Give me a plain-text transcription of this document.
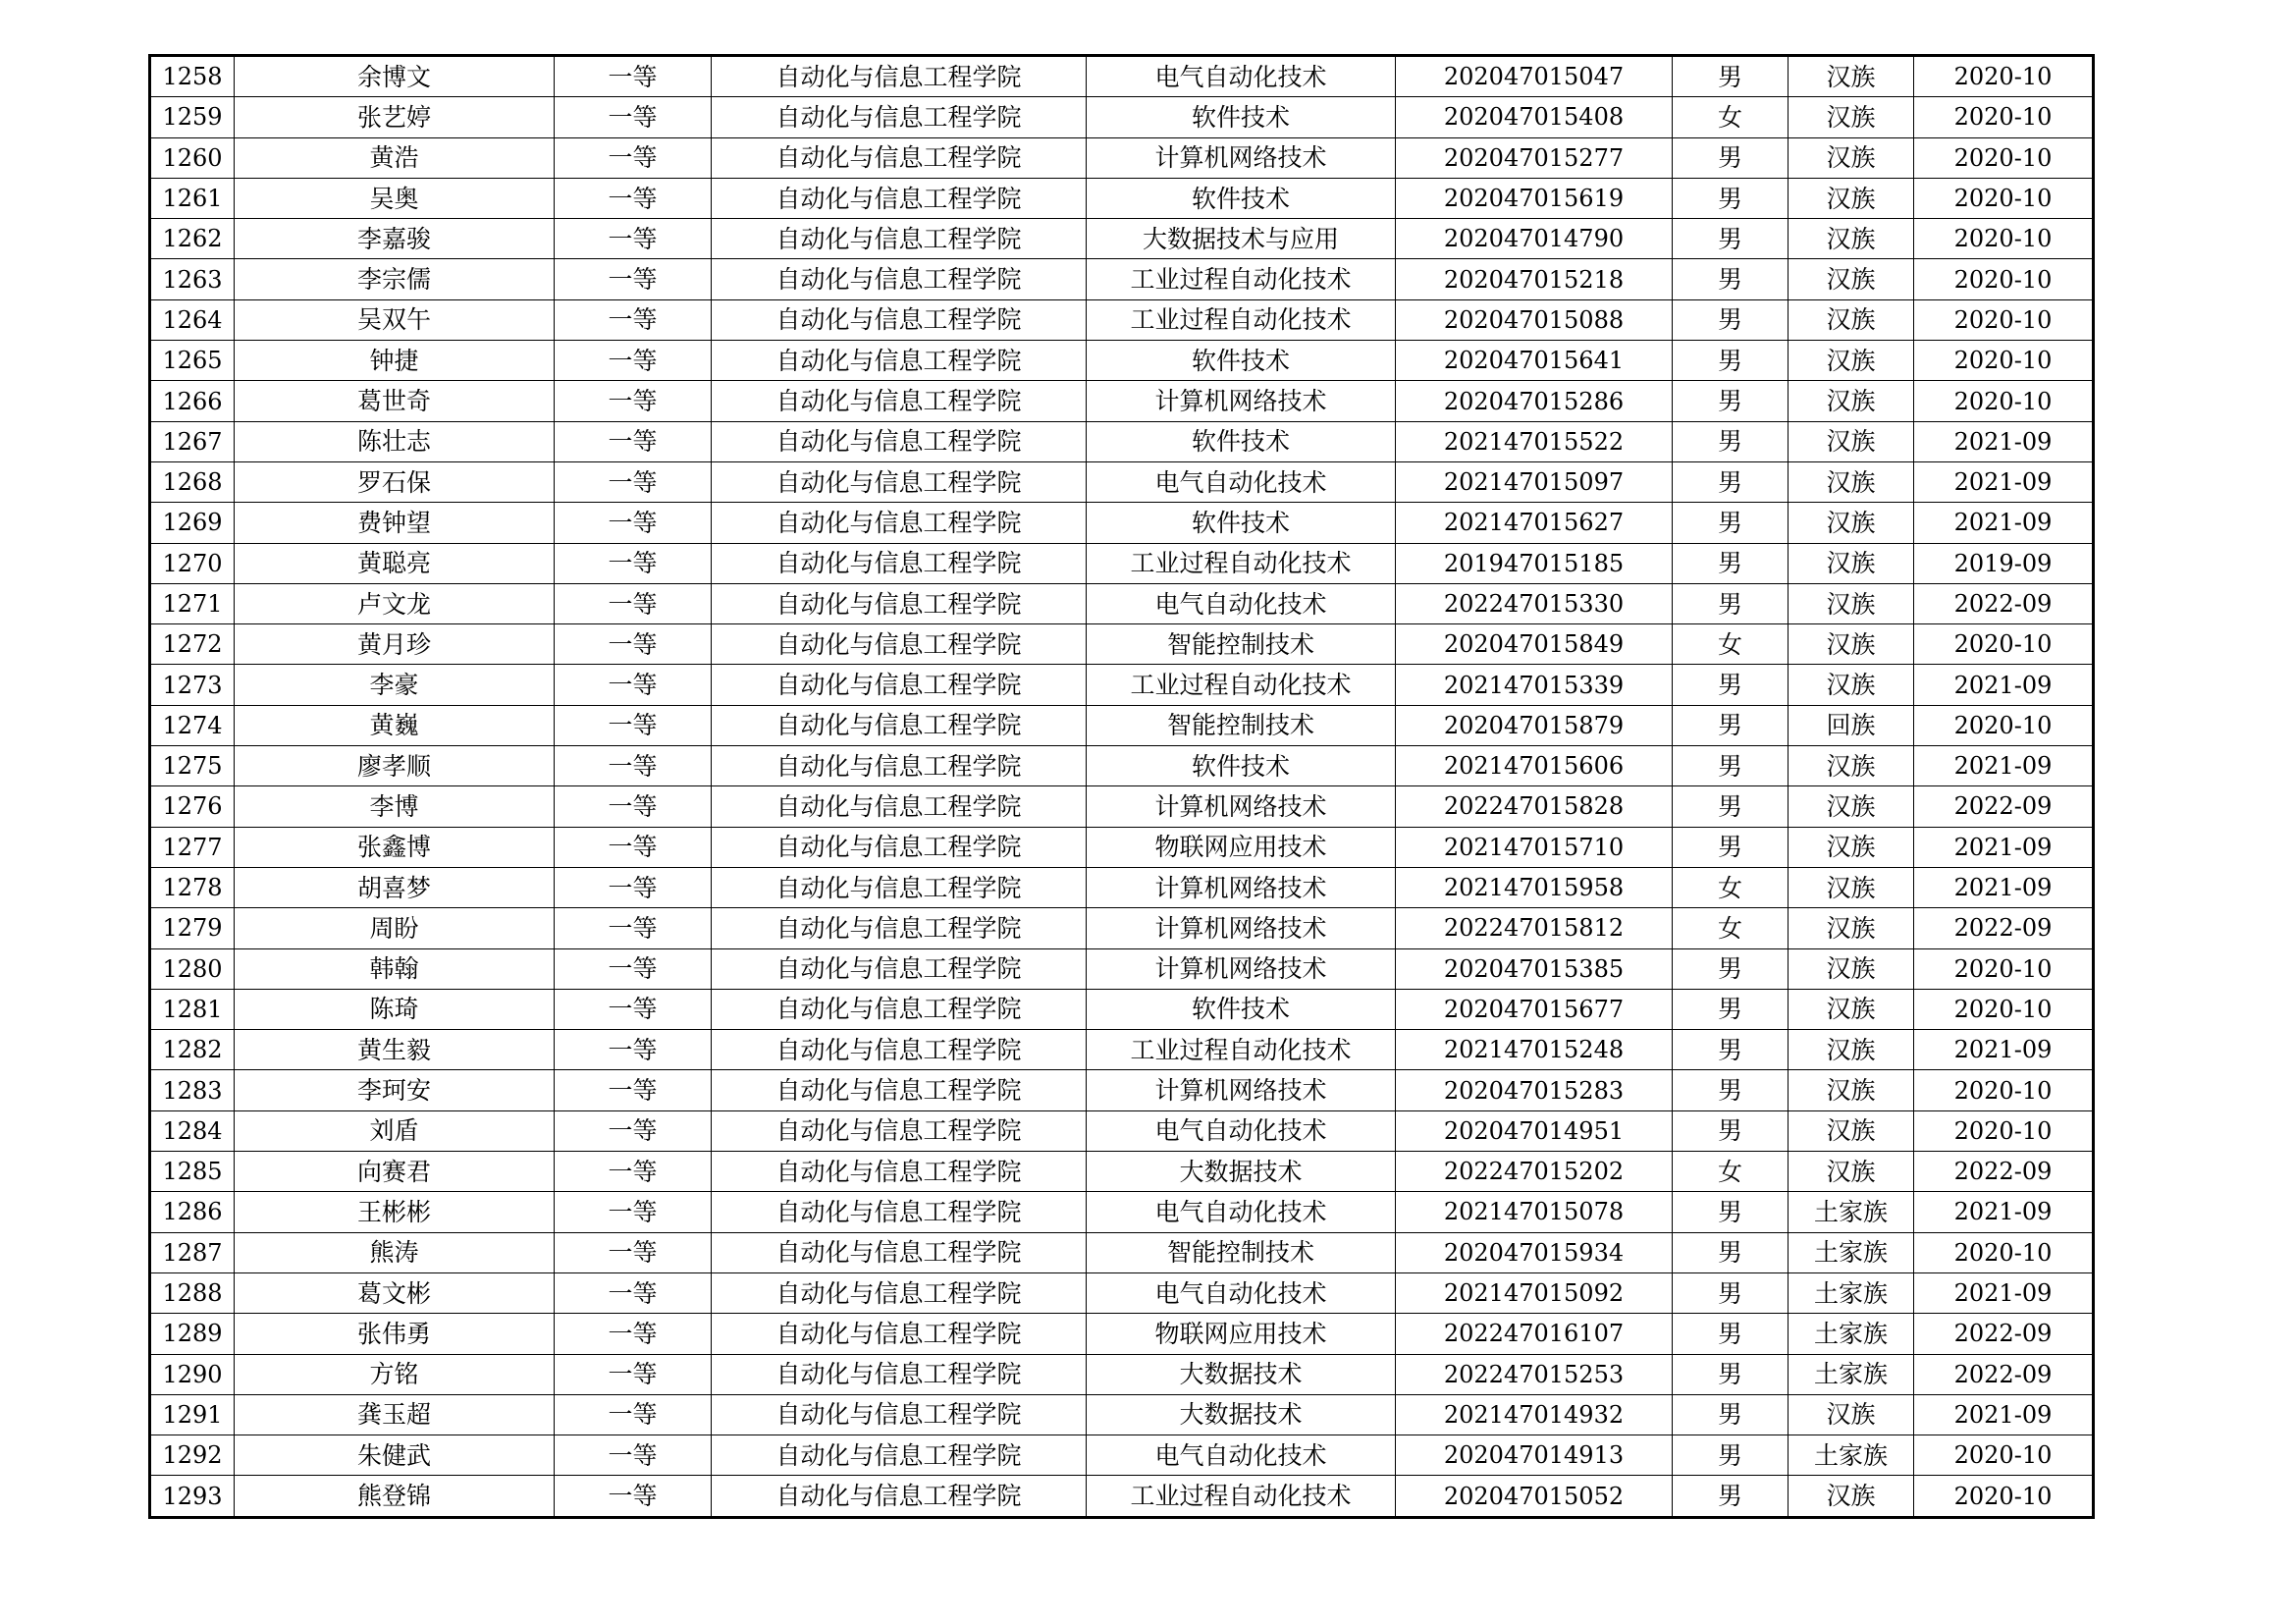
1258	余博文	一等	自动化与信息工程学院	电气自动化技术	202047015047	男	汉族	2020-10
1259	张艺婷	一等	自动化与信息工程学院	软件技术	202047015408	女	汉族	2020-10
1260	黄浩	一等	自动化与信息工程学院	计算机网络技术	202047015277	男	汉族	2020-10
1261	吴奥	一等	自动化与信息工程学院	软件技术	202047015619	男	汉族	2020-10
1262	李嘉骏	一等	自动化与信息工程学院	大数据技术与应用	202047014790	男	汉族	2020-10
1263	李宗儒	一等	自动化与信息工程学院	工业过程自动化技术	202047015218	男	汉族	2020-10
1264	吴双午	一等	自动化与信息工程学院	工业过程自动化技术	202047015088	男	汉族	2020-10
1265	钟捷	一等	自动化与信息工程学院	软件技术	202047015641	男	汉族	2020-10
1266	葛世奇	一等	自动化与信息工程学院	计算机网络技术	202047015286	男	汉族	2020-10
1267	陈壮志	一等	自动化与信息工程学院	软件技术	202147015522	男	汉族	2021-09
1268	罗石保	一等	自动化与信息工程学院	电气自动化技术	202147015097	男	汉族	2021-09
1269	费钟望	一等	自动化与信息工程学院	软件技术	202147015627	男	汉族	2021-09
1270	黄聪亮	一等	自动化与信息工程学院	工业过程自动化技术	201947015185	男	汉族	2019-09
1271	卢文龙	一等	自动化与信息工程学院	电气自动化技术	202247015330	男	汉族	2022-09
1272	黄月珍	一等	自动化与信息工程学院	智能控制技术	202047015849	女	汉族	2020-10
1273	李豪	一等	自动化与信息工程学院	工业过程自动化技术	202147015339	男	汉族	2021-09
1274	黄巍	一等	自动化与信息工程学院	智能控制技术	202047015879	男	回族	2020-10
1275	廖孝顺	一等	自动化与信息工程学院	软件技术	202147015606	男	汉族	2021-09
1276	李博	一等	自动化与信息工程学院	计算机网络技术	202247015828	男	汉族	2022-09
1277	张鑫博	一等	自动化与信息工程学院	物联网应用技术	202147015710	男	汉族	2021-09
1278	胡喜梦	一等	自动化与信息工程学院	计算机网络技术	202147015958	女	汉族	2021-09
1279	周盼	一等	自动化与信息工程学院	计算机网络技术	202247015812	女	汉族	2022-09
1280	韩翰	一等	自动化与信息工程学院	计算机网络技术	202047015385	男	汉族	2020-10
1281	陈琦	一等	自动化与信息工程学院	软件技术	202047015677	男	汉族	2020-10
1282	黄生毅	一等	自动化与信息工程学院	工业过程自动化技术	202147015248	男	汉族	2021-09
1283	李珂安	一等	自动化与信息工程学院	计算机网络技术	202047015283	男	汉族	2020-10
1284	刘盾	一等	自动化与信息工程学院	电气自动化技术	202047014951	男	汉族	2020-10
1285	向赛君	一等	自动化与信息工程学院	大数据技术	202247015202	女	汉族	2022-09
1286	王彬彬	一等	自动化与信息工程学院	电气自动化技术	202147015078	男	土家族	2021-09
1287	熊涛	一等	自动化与信息工程学院	智能控制技术	202047015934	男	土家族	2020-10
1288	葛文彬	一等	自动化与信息工程学院	电气自动化技术	202147015092	男	土家族	2021-09
1289	张伟勇	一等	自动化与信息工程学院	物联网应用技术	202247016107	男	土家族	2022-09
1290	方铭	一等	自动化与信息工程学院	大数据技术	202247015253	男	土家族	2022-09
1291	龚玉超	一等	自动化与信息工程学院	大数据技术	202147014932	男	汉族	2021-09
1292	朱健武	一等	自动化与信息工程学院	电气自动化技术	202047014913	男	土家族	2020-10
1293	熊登锦	一等	自动化与信息工程学院	工业过程自动化技术	202047015052	男	汉族	2020-10
